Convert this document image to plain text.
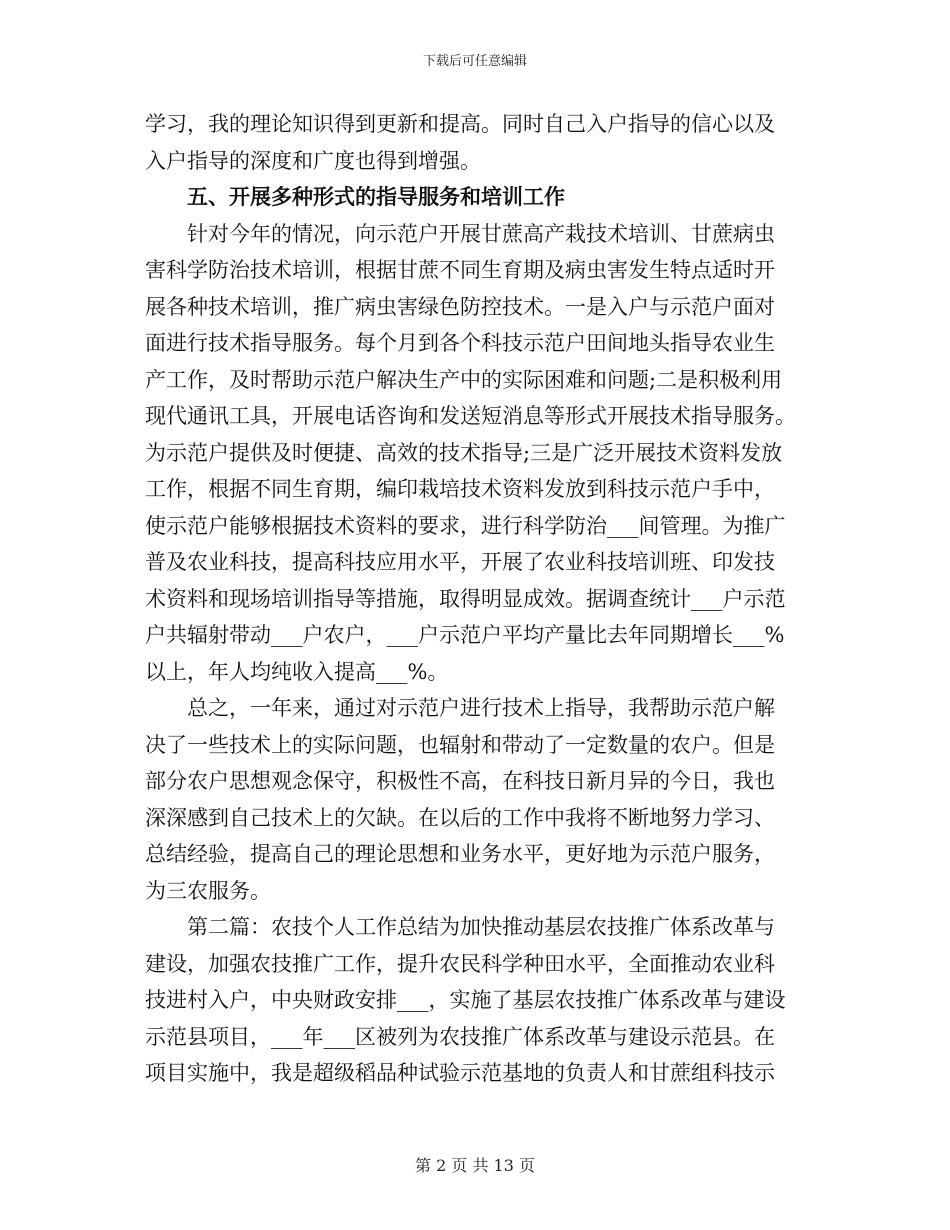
下载后可任意编辑
学习，我的理论知识得到更新和提高。同时自己入户指导的信心以及
入户指导的深度和广度也得到增强。
五、开展多种形式的指导服务和培训工作
针对今年的情况，向示范户开展甘蔗高产栽技术培训、甘蔗病虫
害科学防治技术培训，根据甘蔗不同生育期及病虫害发生特点适时开
展各种技术培训，推广病虫害绿色防控技术。一是入户与示范户面对
面进行技术指导服务。每个月到各个科技示范户田间地头指导农业生
产工作，及时帮助示范户解决生产中的实际困难和问题;二是积极利用
现代通讯工具，开展电话咨询和发送短消息等形式开展技术指导服务。
为示范户提供及时便捷、高效的技术指导;三是广泛开展技术资料发放
工作，根据不同生育期，编印栽培技术资料发放到科技示范户手中，
使示范户能够根据技术资料的要求，进行科学防治___间管理。为推广
普及农业科技，提高科技应用水平，开展了农业科技培训班、印发技
术资料和现场培训指导等措施，取得明显成效。据调查统计___户示范
户共辐射带动___户农户，___户示范户平均产量比去年同期增长___%
以上，年人均纯收入提高___%。
总之，一年来，通过对示范户进行技术上指导，我帮助示范户解
决了一些技术上的实际问题，也辐射和带动了一定数量的农户。但是
部分农户思想观念保守，积极性不高，在科技日新月异的今日，我也
深深感到自己技术上的欠缺。在以后的工作中我将不断地努力学习、
总结经验，提高自己的理论思想和业务水平，更好地为示范户服务，
为三农服务。
第二篇：农技个人工作总结为加快推动基层农技推广体系改革与
建设，加强农技推广工作，提升农民科学种田水平，全面推动农业科
技进村入户，中央财政安排___，实施了基层农技推广体系改革与建设
示范县项目，___年___区被列为农技推广体系改革与建设示范县。在
项目实施中，我是超级稻品种试验示范基地的负责人和甘蔗组科技示
第 2 页 共 13 页
